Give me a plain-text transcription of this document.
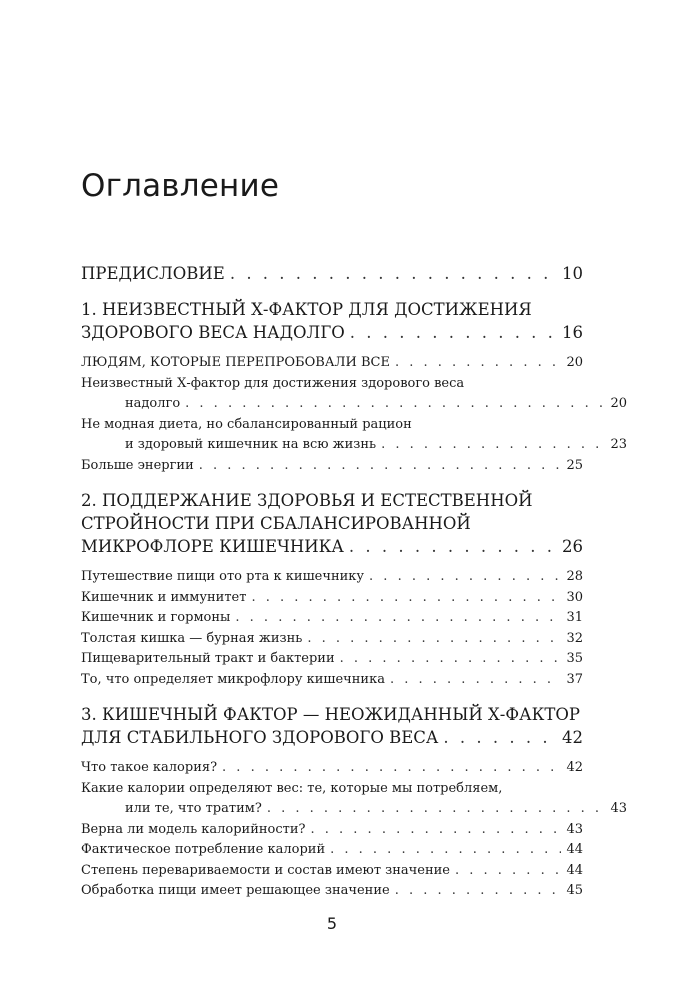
Оглавление
ПРЕДИСЛОВИЕ . . .	10
1. НЕИЗВЕСТНЫЙ Х-ФАКТОР ДЛЯ ДОСТИЖЕНИЯ
ЗДОРОВОГО ВЕСА НАДОЛГО . . .	16
ЛЮДЯМ, КОТОРЫЕ ПЕРЕПРОБОВАЛИ ВСЕ . . .	20
Неизвестный Х-фактор для достижения здорового веса
надолго . . .	20
Не модная диета, но сбалансированный рацион
и здоровый кишечник на всю жизнь . . .	23
Больше энергии . . .	25
2. ПОДДЕРЖАНИЕ ЗДОРОВЬЯ И ЕСТЕСТВЕННОЙ
СТРОЙНОСТИ ПРИ СБАЛАНСИРОВАННОЙ
МИКРОФЛОРЕ КИШЕЧНИКА . . .	26
Путешествие пищи ото рта к кишечнику . . .	28
Кишечник и иммунитет . . .	30
Кишечник и гормоны . . .	31
Толстая кишка — бурная жизнь . . .	32
Пищеварительный тракт и бактерии . . .	35
То, что определяет микрофлору кишечника . . .	37
3. КИШЕЧНЫЙ ФАКТОР — НЕОЖИДАННЫЙ Х-ФАКТОР
ДЛЯ СТАБИЛЬНОГО ЗДОРОВОГО ВЕСА . . .	42
Что такое калория? . . .	42
Какие калории определяют вес: те, которые мы потребляем,
или те, что тратим? . . .	43
Верна ли модель калорийности? . . .	43
Фактическое потребление калорий . . .	44
Степень перевариваемости и состав имеют значение . . .	44
Обработка пищи имеет решающее значение . . .	45
5
